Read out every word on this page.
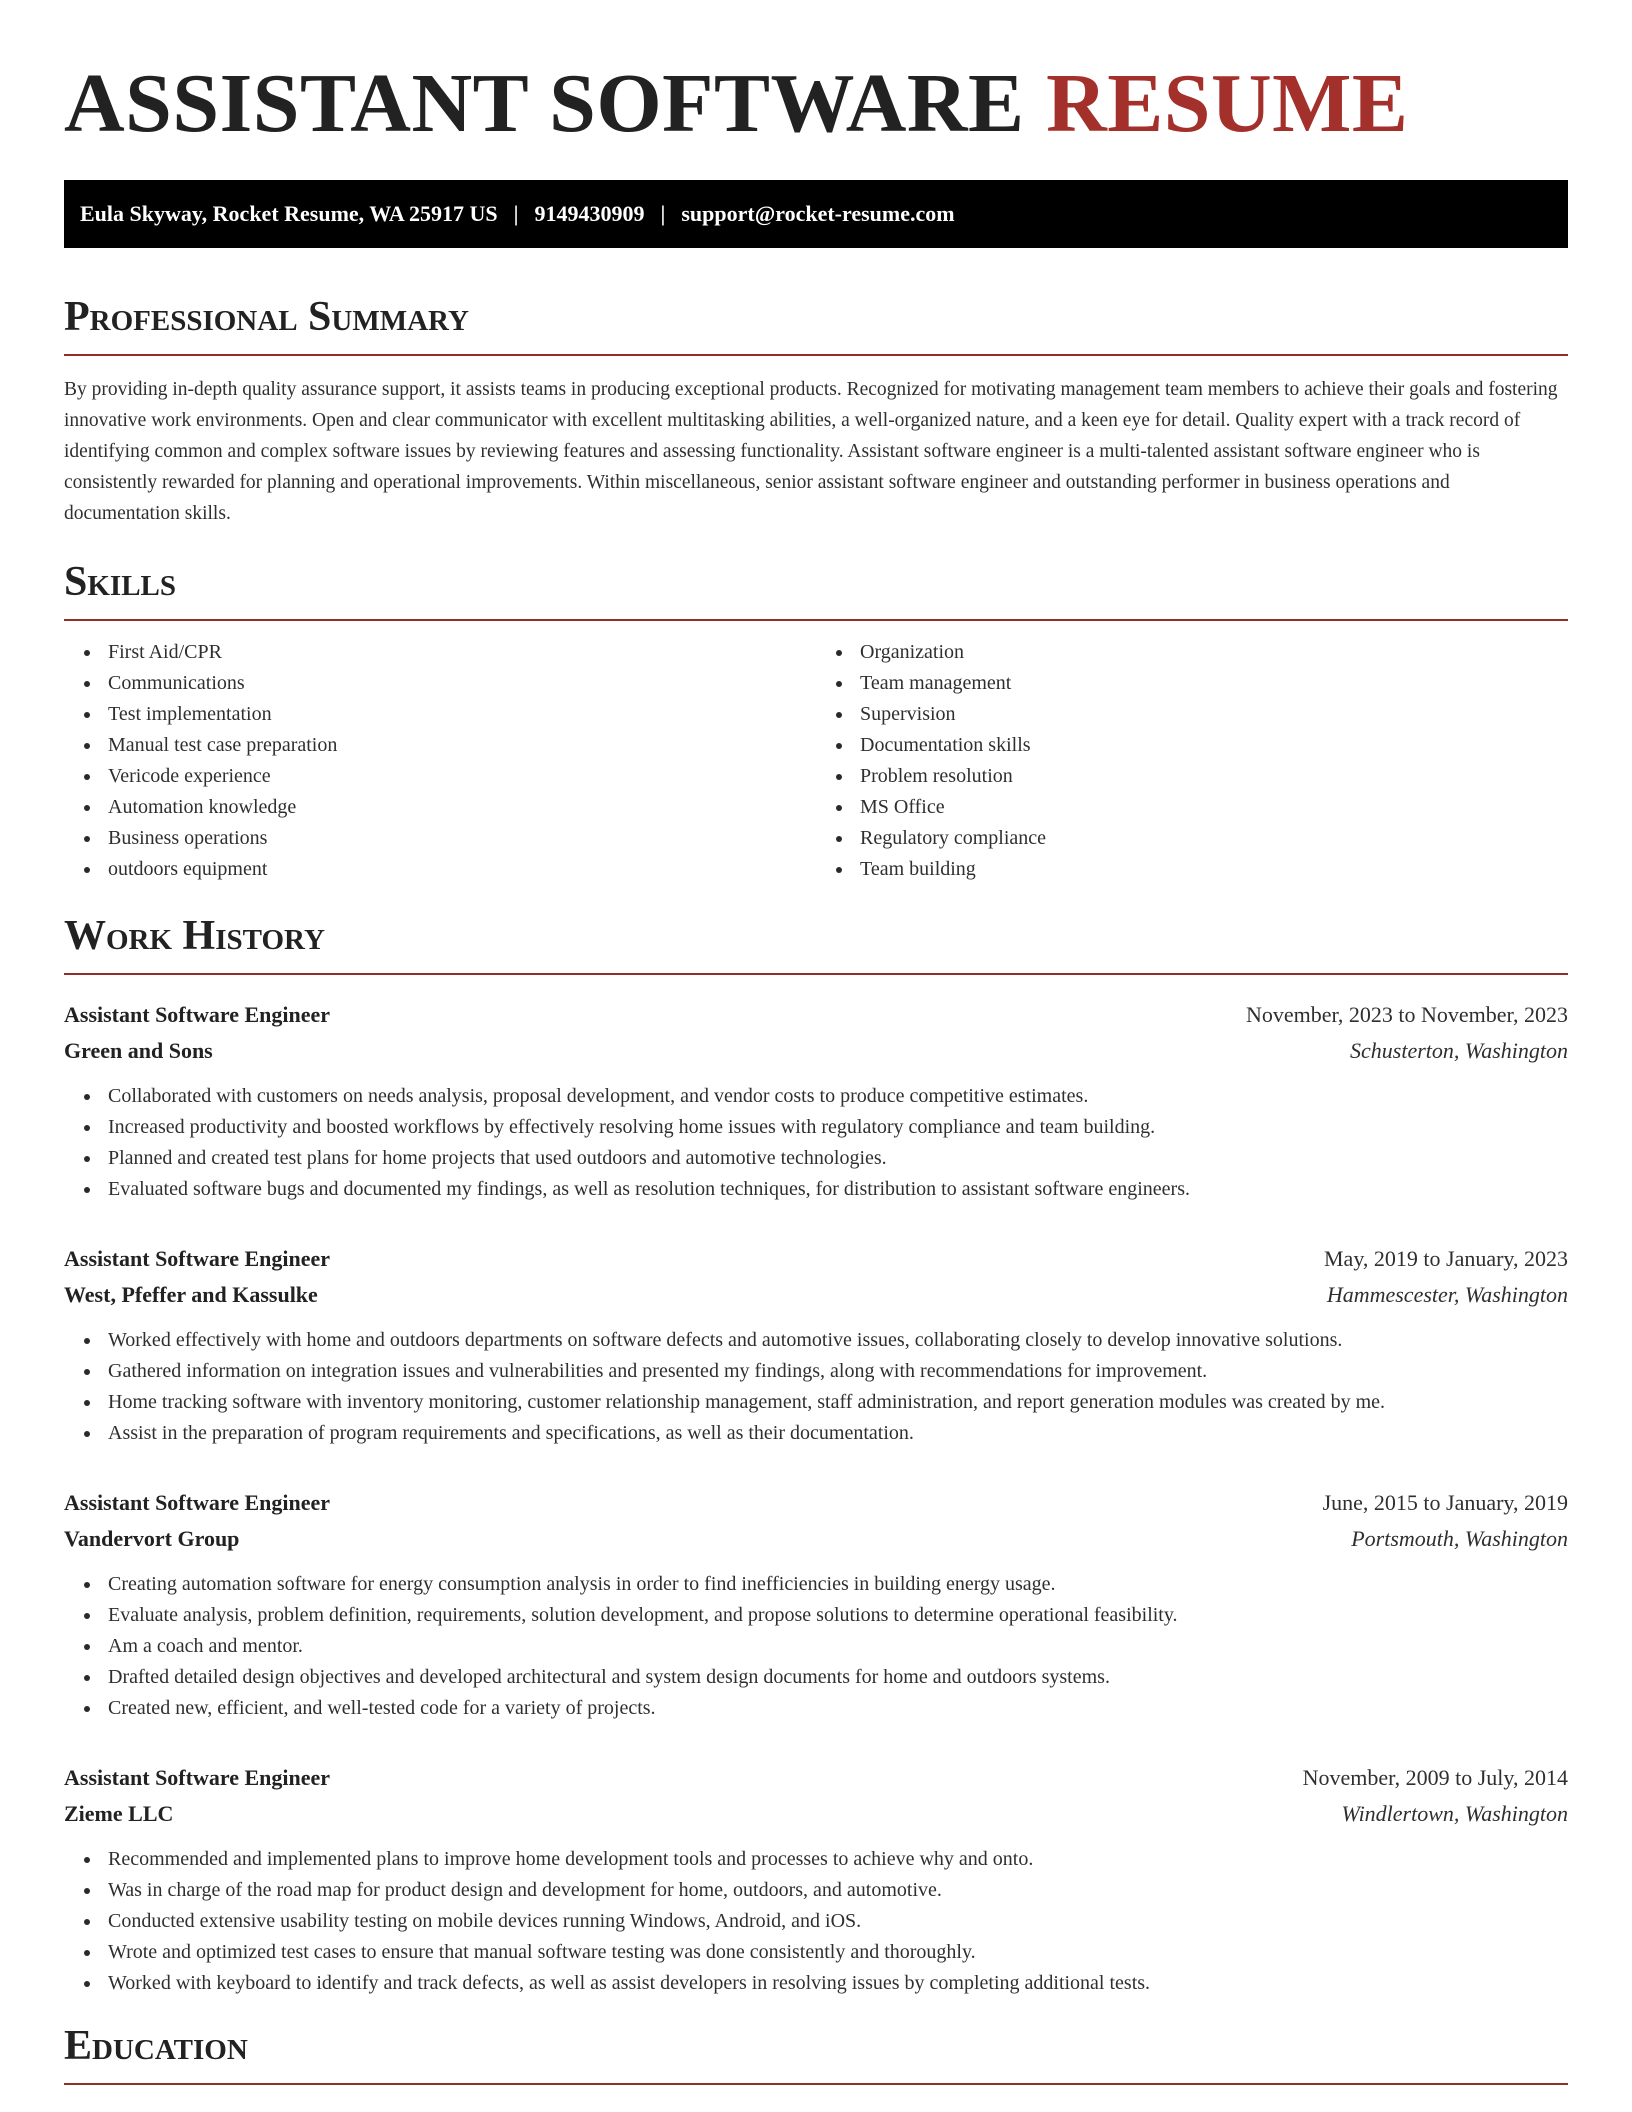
ASSISTANT SOFTWARE RESUME
Eula Skyway, Rocket Resume, WA 25917 US | 9149430909 | support@rocket-resume.com
Professional Summary

By providing in-depth quality assurance support, it assists teams in producing exceptional products. Recognized for motivating management team members to achieve their goals and fostering innovative work environments. Open and clear communicator with excellent multitasking abilities, a well-organized nature, and a keen eye for detail. Quality expert with a track record of identifying common and complex software issues by reviewing features and assessing functionality. Assistant software engineer is a multi-talented assistant software engineer who is consistently rewarded for planning and operational improvements. Within miscellaneous, senior assistant software engineer and outstanding performer in business operations and documentation skills.

Skills
First Aid/CPR
Communications
Test implementation
Manual test case preparation
Vericode experience
Automation knowledge
Business operations
outdoors equipment
Organization
Team management
Supervision
Documentation skills
Problem resolution
MS Office
Regulatory compliance
Team building
Work History
Assistant Software Engineer	November, 2023 to November, 2023
Green and Sons	Schusterton, Washington
Collaborated with customers on needs analysis, proposal development, and vendor costs to produce competitive estimates.
Increased productivity and boosted workflows by effectively resolving home issues with regulatory compliance and team building.
Planned and created test plans for home projects that used outdoors and automotive technologies.
Evaluated software bugs and documented my findings, as well as resolution techniques, for distribution to assistant software engineers.
Assistant Software Engineer	May, 2019 to January, 2023
West, Pfeffer and Kassulke	Hammescester, Washington
Worked effectively with home and outdoors departments on software defects and automotive issues, collaborating closely to develop innovative solutions.
Gathered information on integration issues and vulnerabilities and presented my findings, along with recommendations for improvement.
Home tracking software with inventory monitoring, customer relationship management, staff administration, and report generation modules was created by me.
Assist in the preparation of program requirements and specifications, as well as their documentation.
Assistant Software Engineer	June, 2015 to January, 2019
Vandervort Group	Portsmouth, Washington
Creating automation software for energy consumption analysis in order to find inefficiencies in building energy usage.
Evaluate analysis, problem definition, requirements, solution development, and propose solutions to determine operational feasibility.
Am a coach and mentor.
Drafted detailed design objectives and developed architectural and system design documents for home and outdoors systems.
Created new, efficient, and well-tested code for a variety of projects.
Assistant Software Engineer	November, 2009 to July, 2014
Zieme LLC	Windlertown, Washington
Recommended and implemented plans to improve home development tools and processes to achieve why and onto.
Was in charge of the road map for product design and development for home, outdoors, and automotive.
Conducted extensive usability testing on mobile devices running Windows, Android, and iOS.
Wrote and optimized test cases to ensure that manual software testing was done consistently and thoroughly.
Worked with keyboard to identify and track defects, as well as assist developers in resolving issues by completing additional tests.
Education
